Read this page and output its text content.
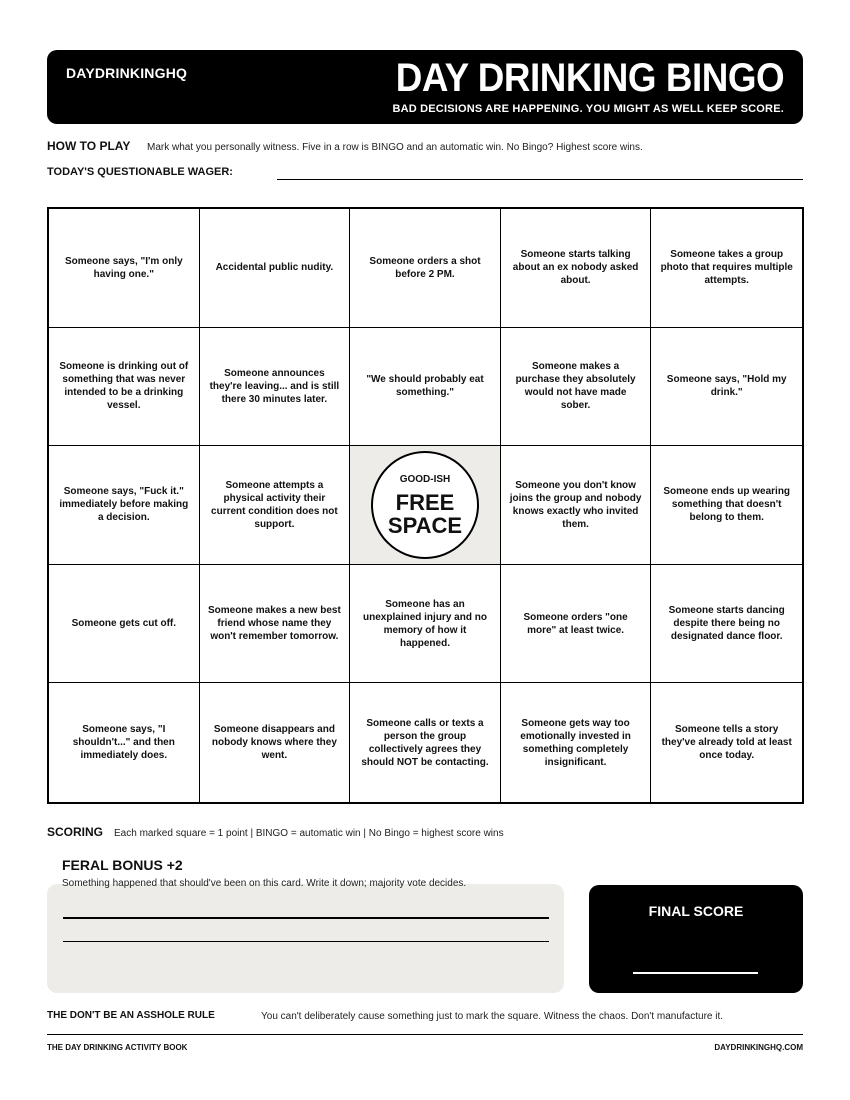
DAYDRINKINGHQ	DAY DRINKING BINGO
BAD DECISIONS ARE HAPPENING. YOU MIGHT AS WELL KEEP SCORE.
HOW TO PLAY	Mark what you personally witness. Five in a row is BINGO and an automatic win. No Bingo? Highest score wins.
TODAY'S QUESTIONABLE WAGER:
Someone says, "I'm only having one."
Accidental public nudity.
Someone orders a shot before 2 PM.
Someone starts talking about an ex nobody asked about.
Someone takes a group photo that requires multiple attempts.
Someone is drinking out of something that was never intended to be a drinking vessel.
Someone announces they're leaving... and is still there 30 minutes later.
"We should probably eat something."
Someone makes a purchase they absolutely would not have made sober.
Someone says, "Hold my drink."
Someone says, "Fuck it." immediately before making a decision.
Someone attempts a physical activity their current condition does not support.
GOOD-ISH
FREE
SPACE
Someone you don't know joins the group and nobody knows exactly who invited them.
Someone ends up wearing something that doesn't belong to them.
Someone gets cut off.
Someone makes a new best friend whose name they won't remember tomorrow.
Someone has an unexplained injury and no memory of how it happened.
Someone orders "one more" at least twice.
Someone starts dancing despite there being no designated dance floor.
Someone says, "I shouldn't..." and then immediately does.
Someone disappears and nobody knows where they went.
Someone calls or texts a person the group collectively agrees they should NOT be contacting.
Someone gets way too emotionally invested in something completely insignificant.
Someone tells a story they've already told at least once today.
SCORING Each marked square = 1 point | BINGO = automatic win | No Bingo = highest score wins
FERAL BONUS +2
Something happened that should've been on this card. Write it down; majority vote decides.
FINAL SCORE
THE DON'T BE AN ASSHOLE RULE	You can't deliberately cause something just to mark the square. Witness the chaos. Don't manufacture it.
THE DAY DRINKING ACTIVITY BOOK	DAYDRINKINGHQ.COM
